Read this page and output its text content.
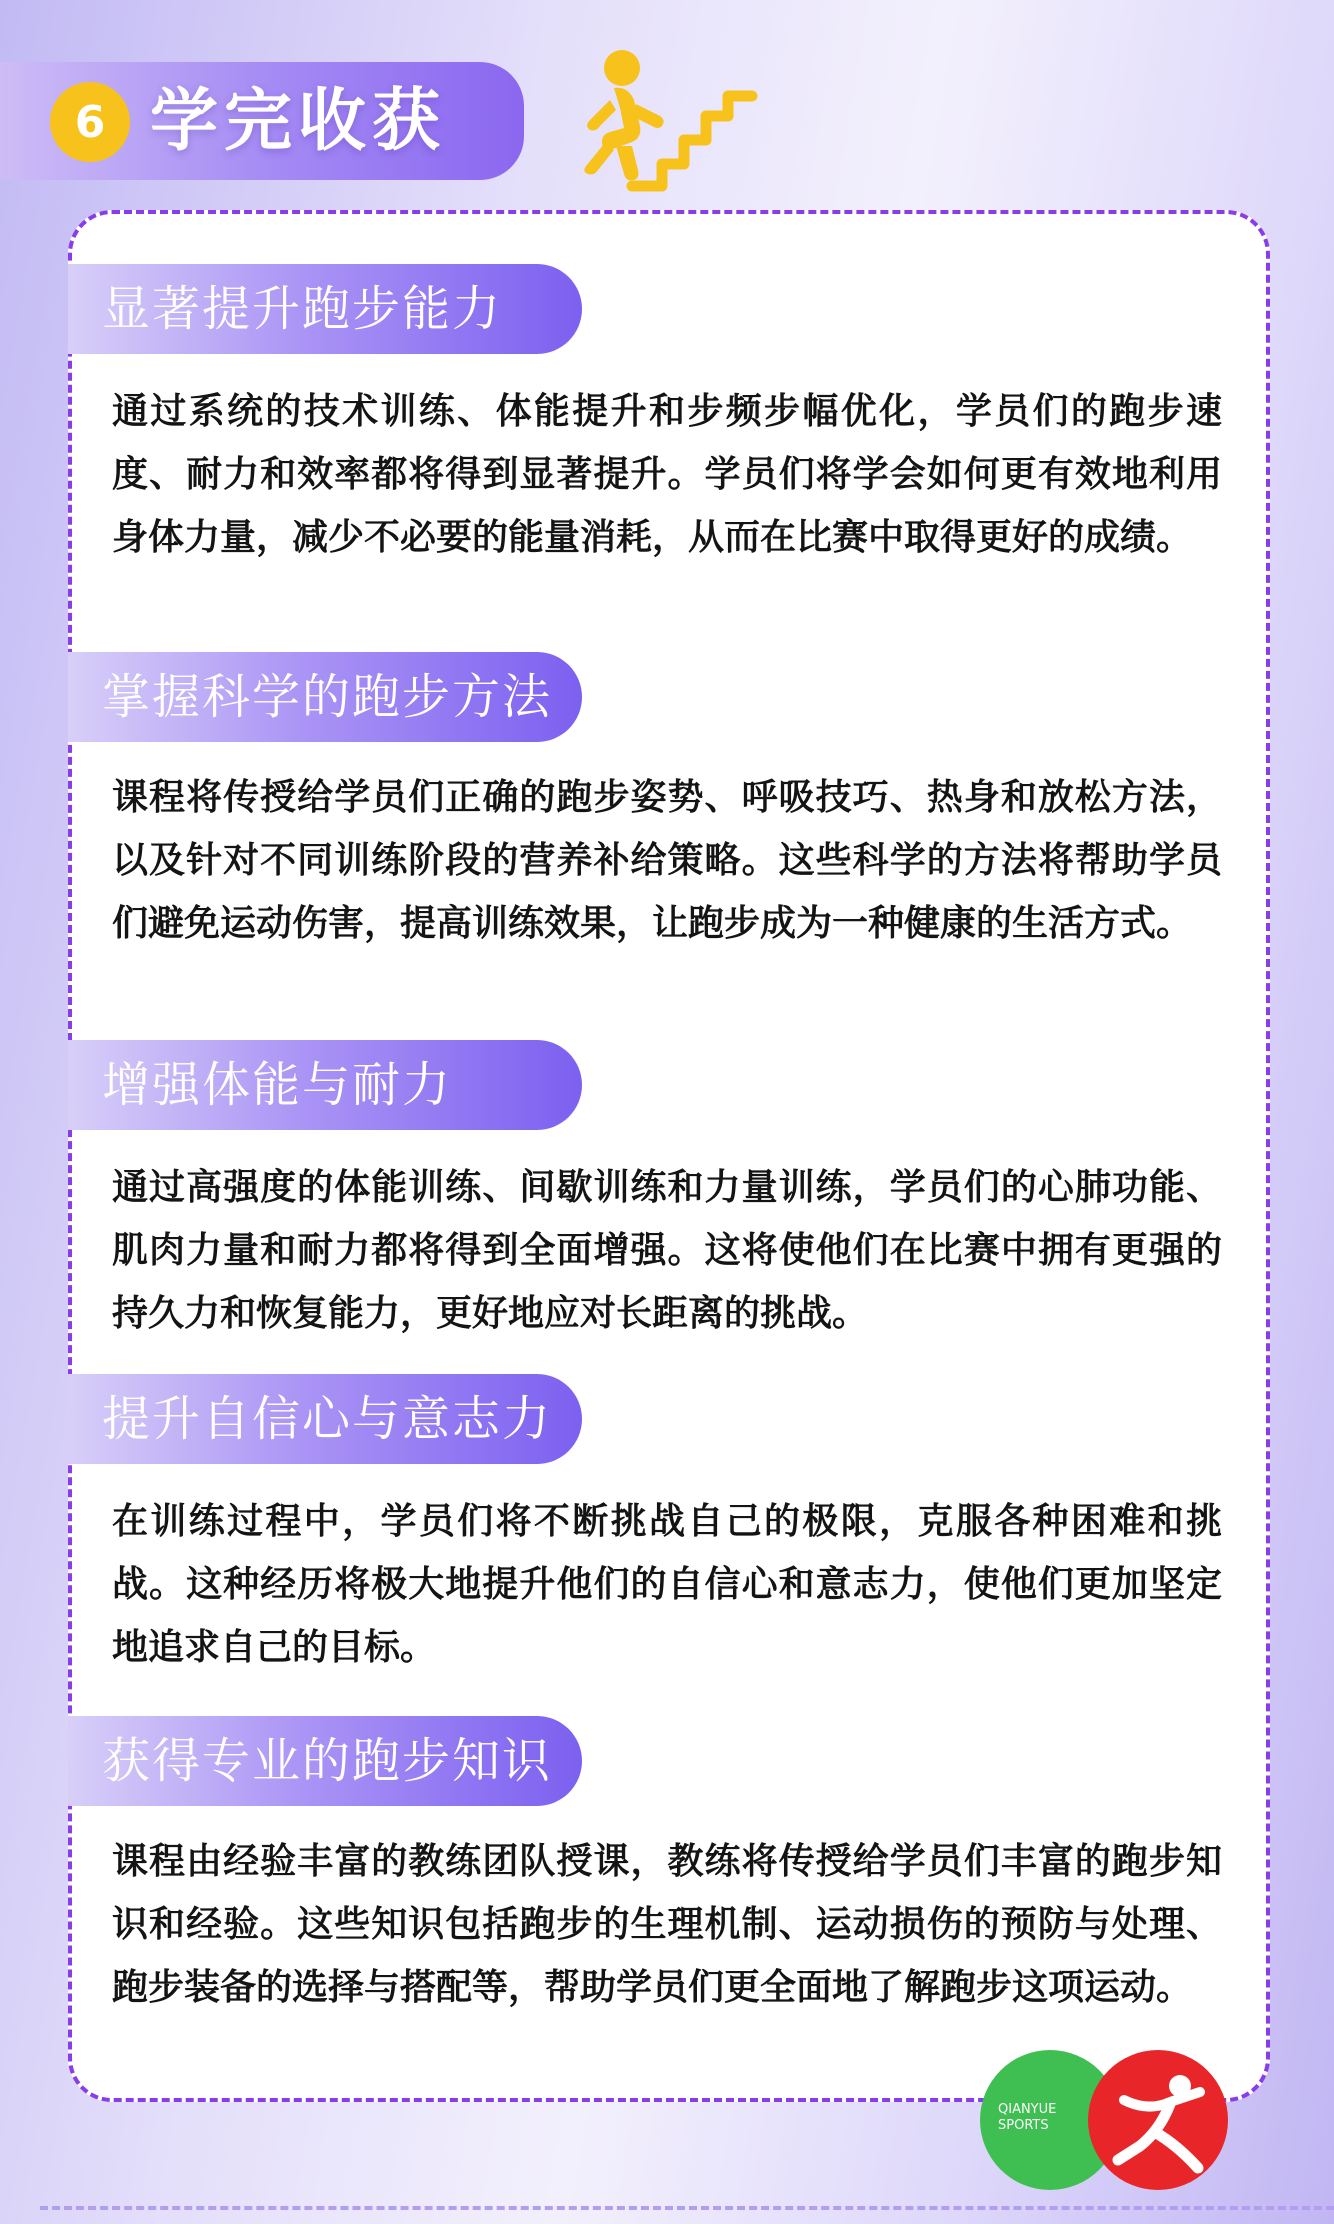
6 学完收获
显著提升跑步能力

通过系统的技术训练、体能提升和步频步幅优化，学员们的跑步速度、耐力和效率都将得到显著提升。学员们将学会如何更有效地利用身体力量，减少不必要的能量消耗，从而在比赛中取得更好的成绩。

掌握科学的跑步方法

课程将传授给学员们正确的跑步姿势、呼吸技巧、热身和放松方法，以及针对不同训练阶段的营养补给策略。这些科学的方法将帮助学员们避免运动伤害，提高训练效果，让跑步成为一种健康的生活方式。

增强体能与耐力

通过高强度的体能训练、间歇训练和力量训练，学员们的心肺功能、肌肉力量和耐力都将得到全面增强。这将使他们在比赛中拥有更强的持久力和恢复能力，更好地应对长距离的挑战。

提升自信心与意志力

在训练过程中，学员们将不断挑战自己的极限，克服各种困难和挑战。这种经历将极大地提升他们的自信心和意志力，使他们更加坚定地追求自己的目标。

获得专业的跑步知识

课程由经验丰富的教练团队授课，教练将传授给学员们丰富的跑步知识和经验。这些知识包括跑步的生理机制、运动损伤的预防与处理、跑步装备的选择与搭配等，帮助学员们更全面地了解跑步这项运动。

QIANYUE
SPORTS
